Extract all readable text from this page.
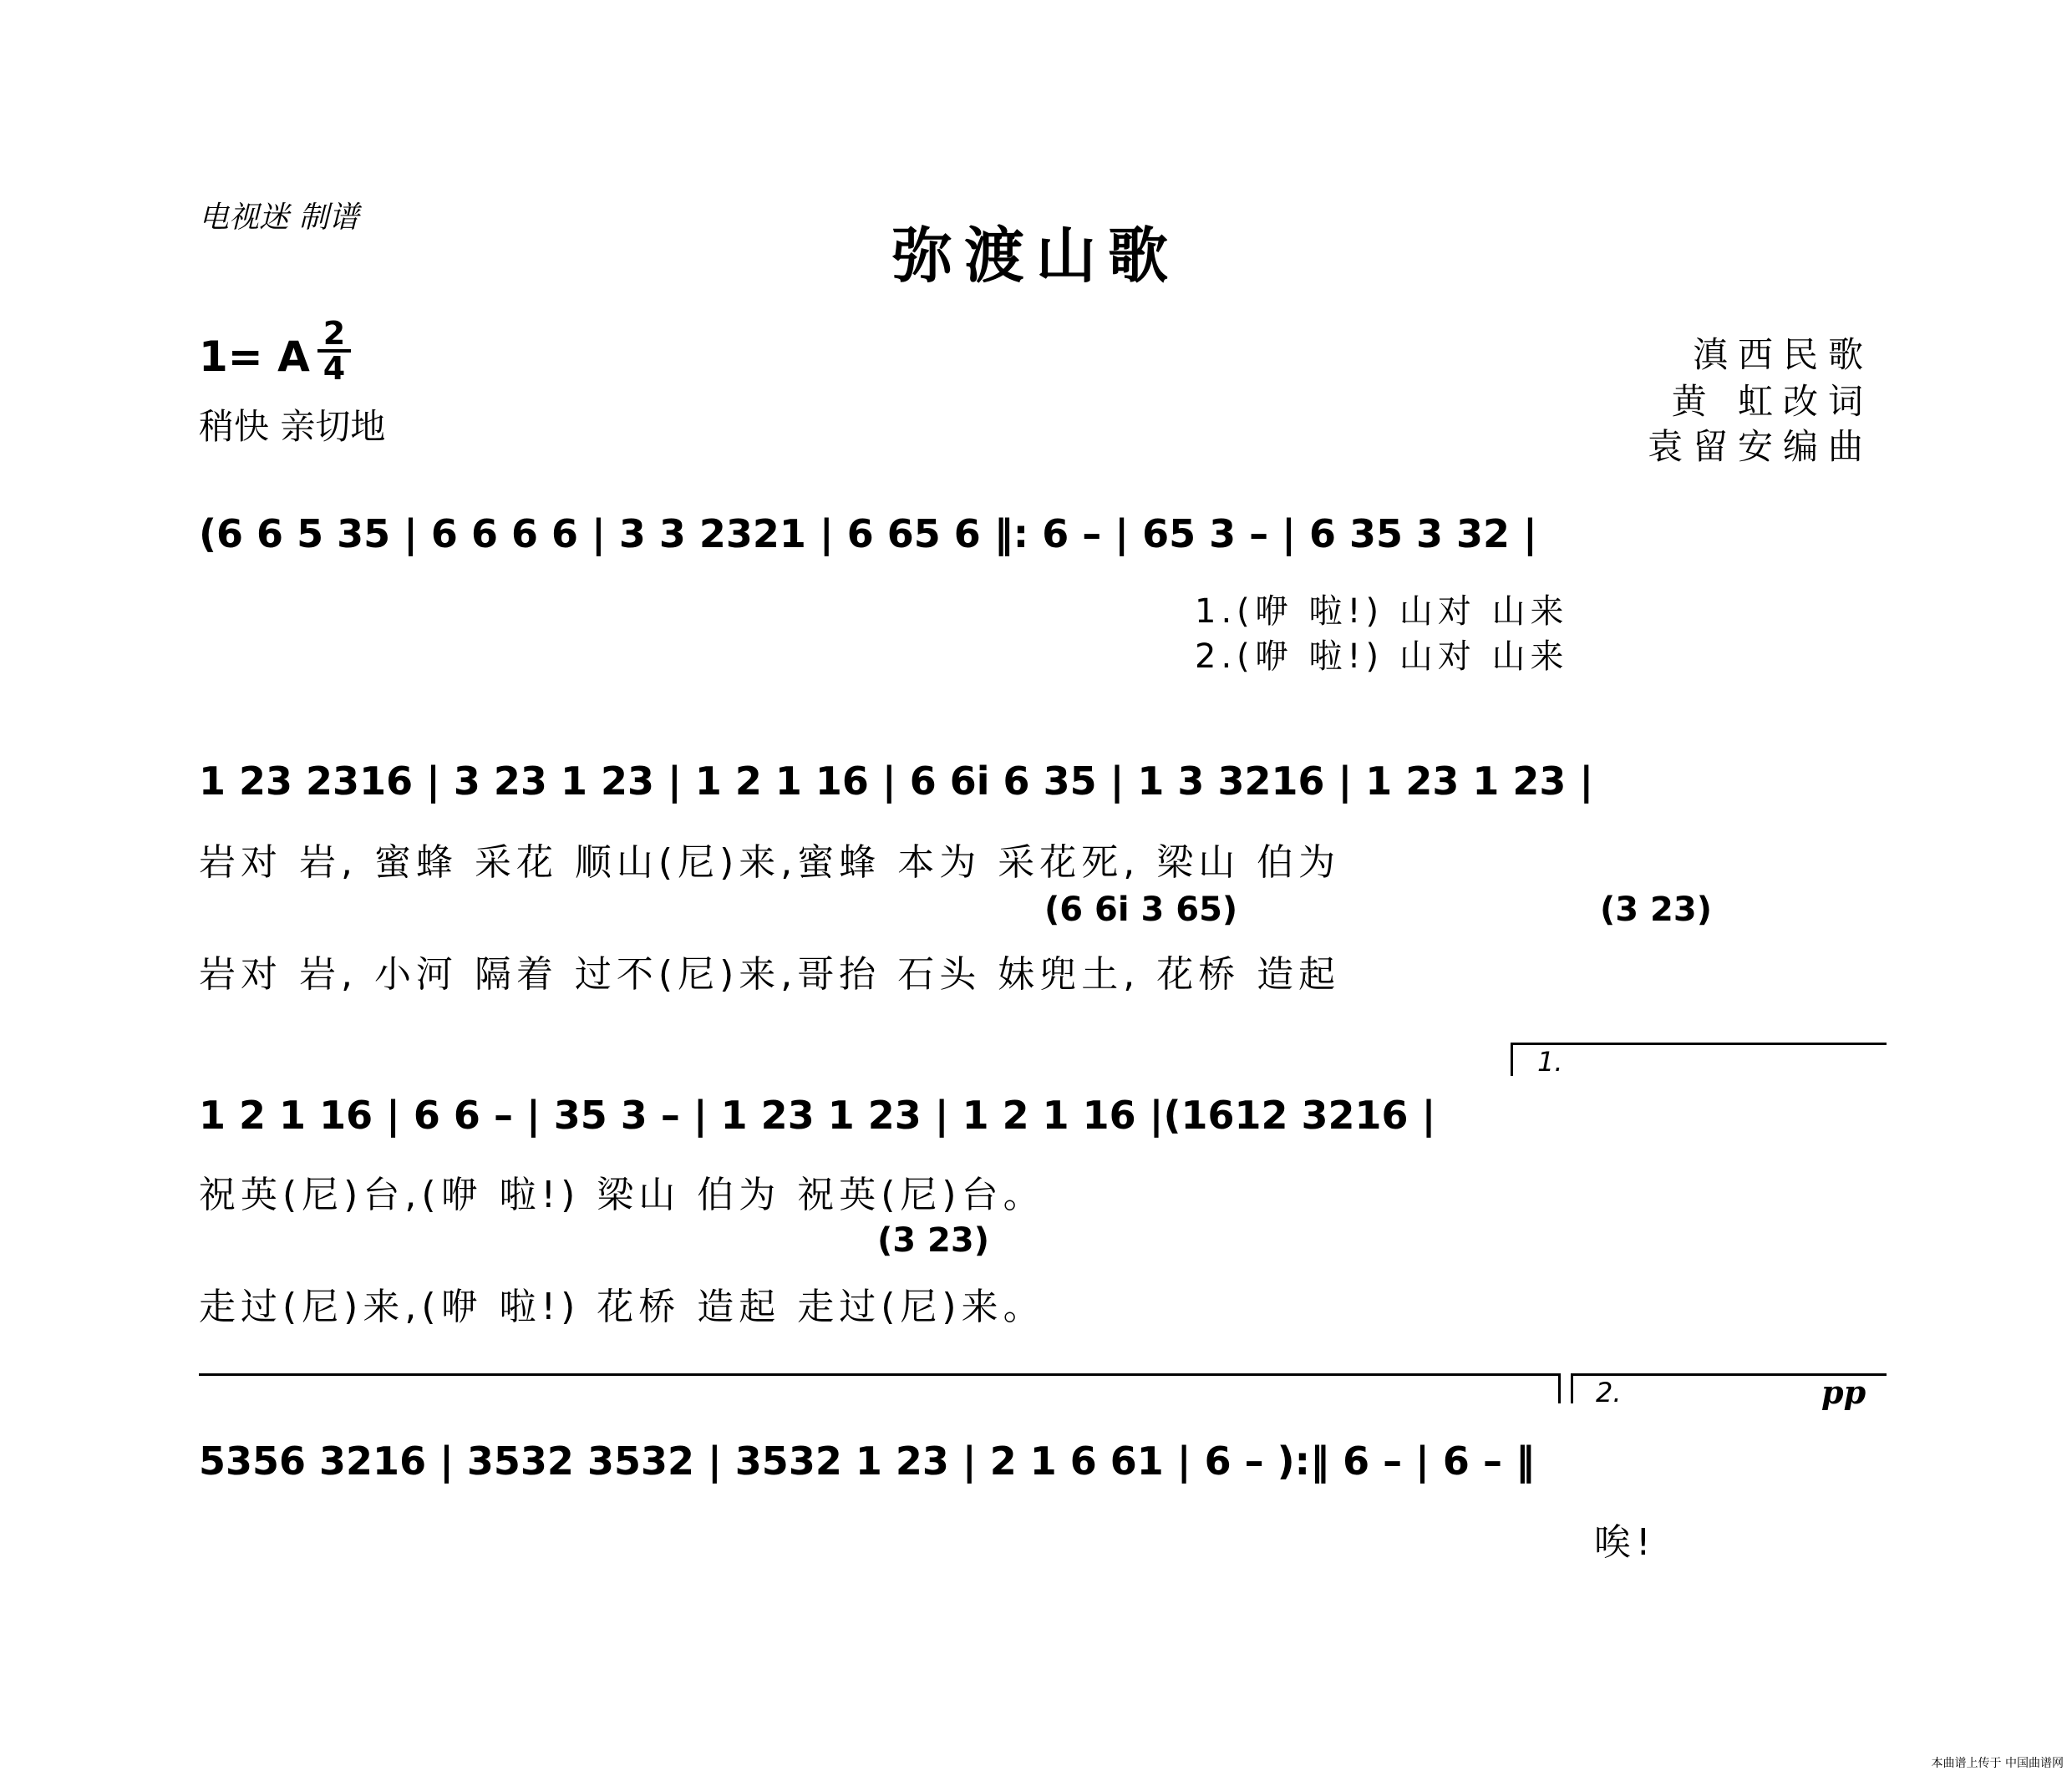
电视迷 制谱
弥渡山歌
1= A 2
4
稍快 亲切地
滇西民歌
黄 虹改词
袁留安编曲
(6 6 5 35 | 6 6 6 6 | 3 3 2321 | 6 65 6 ‖: 6 – | 65 3 – | 6 35 3 32 |
1.(咿 啦!) 山对 山来
2.(咿 啦!) 山对 山来
1 23 2316 | 3 23 1 23 | 1 2 1 16 | 6 6i 6 35 | 1 3 3216 | 1 23 1 23 |
岩对 岩, 蜜蜂 采花 顺山(尼)来,蜜蜂 本为 采花死, 梁山 伯为
(6 6i 3 65)	(3 23)
岩对 岩, 小河 隔着 过不(尼)来,哥抬 石头 妹兜土, 花桥 造起
1.
1 2 1 16 | 6 6 – | 35 3 – | 1 23 1 23 | 1 2 1 16 |(1612 3216 |
祝英(尼)台,(咿 啦!) 梁山 伯为 祝英(尼)台。
(3 23)
走过(尼)来,(咿 啦!) 花桥 造起 走过(尼)来。
2.	pp
5356 3216 | 3532 3532 | 3532 1 23 | 2 1 6 61 | 6 – ):‖ 6 – | 6 – ‖
唉!
本曲谱上传于 中国曲谱网
